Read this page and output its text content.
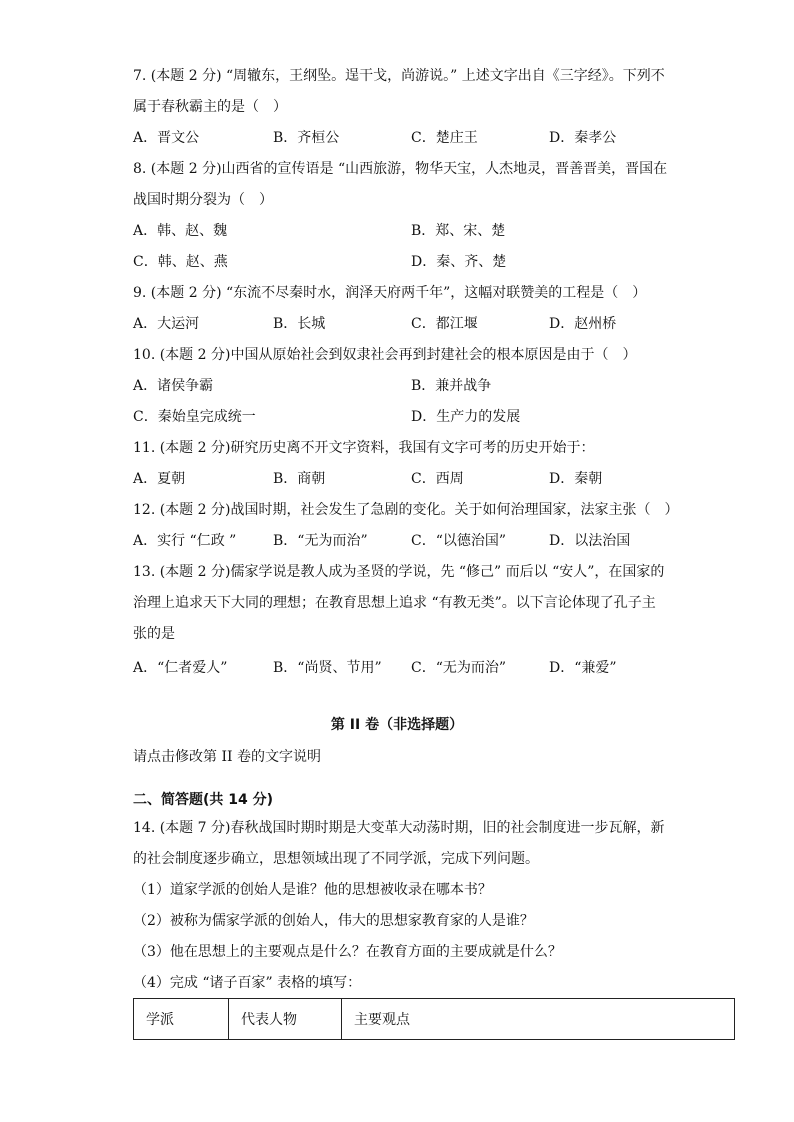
7. (本题 2 分) “周辙东，王纲坠。逞干戈，尚游说。” 上述文字出自《三字经》。下列不
属于春秋霸主的是（　）
A．晋文公	B．齐桓公	C．楚庄王	D．秦孝公
8. (本题 2 分)山西省的宣传语是 “山西旅游，物华天宝，人杰地灵，晋善晋美，晋国在
战国时期分裂为（　）
A．韩、赵、魏	B．郑、宋、楚
C．韩、赵、燕	D．秦、齐、楚
9. (本题 2 分) “东流不尽秦时水，润泽天府两千年”，这幅对联赞美的工程是（　）
A．大运河	B．长城	C．都江堰	D．赵州桥
10. (本题 2 分)中国从原始社会到奴隶社会再到封建社会的根本原因是由于（　）
A．诸侯争霸	B．兼并战争
C．秦始皇完成统一	D．生产力的发展
11. (本题 2 分)研究历史离不开文字资料，我国有文字可考的历史开始于：
A．夏朝	B．商朝	C．西周	D．秦朝
12. (本题 2 分)战国时期，社会发生了急剧的变化。关于如何治理国家，法家主张（　）
A．实行 “仁政 ”	B．“无为而治”	C．“以德治国”	D．以法治国
13. (本题 2 分)儒家学说是教人成为圣贤的学说，先 “修己” 而后以 “安人”，在国家的
治理上追求天下大同的理想；在教育思想上追求 “有教无类”。以下言论体现了孔子主
张的是
A．“仁者爱人”	B．“尚贤、节用” C．“无为而治”	D．“兼爱”
第 II 卷（非选择题）
请点击修改第 II 卷的文字说明
二、简答题(共 14 分)
14. (本题 7 分)春秋战国时期时期是大变革大动荡时期，旧的社会制度进一步瓦解，新
的社会制度逐步确立，思想领域出现了不同学派，完成下列问题。
（1）道家学派的创始人是谁？他的思想被收录在哪本书？
（2）被称为儒家学派的创始人，伟大的思想家教育家的人是谁？
（3）他在思想上的主要观点是什么？在教育方面的主要成就是什么？
（4）完成 “诸子百家” 表格的填写：
学派	代表人物	主要观点
